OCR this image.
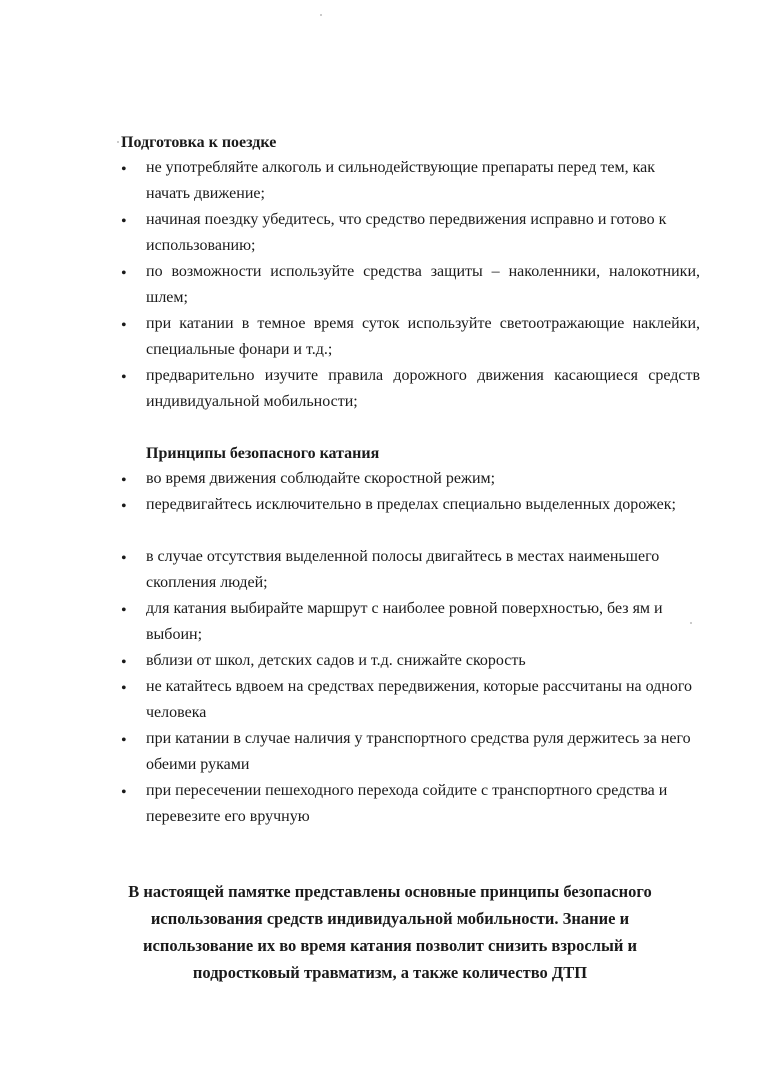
Подготовка к поездке
• не употребляйте алкоголь и сильнодействующие препараты перед тем, как начать движение;
• начиная поездку убедитесь, что средство передвижения исправно и готово к использованию;
• по возможности используйте средства защиты – наколенники, налокотники, шлем;
• при катании в темное время суток используйте светоотражающие наклейки, специальные фонари и т.д.;
• предварительно изучите правила дорожного движения касающиеся средств индивидуальной мобильности;
Принципы безопасного катания
• во время движения соблюдайте скоростной режим;
• передвигайтесь исключительно в пределах специально выделенных дорожек;
• в случае отсутствия выделенной полосы двигайтесь в местах наименьшего скопления людей;
• для катания выбирайте маршрут с наиболее ровной поверхностью, без ям и выбоин;
• вблизи от школ, детских садов и т.д. снижайте скорость
• не катайтесь вдвоем на средствах передвижения, которые рассчитаны на одного человека
• при катании в случае наличия у транспортного средства руля держитесь за него обеими руками
• при пересечении пешеходного перехода сойдите с транспортного средства и перевезите его вручную
В настоящей памятке представлены основные принципы безопасного использования средств индивидуальной мобильности. Знание и использование их во время катания позволит снизить взрослый и подростковый травматизм, а также количество ДТП
